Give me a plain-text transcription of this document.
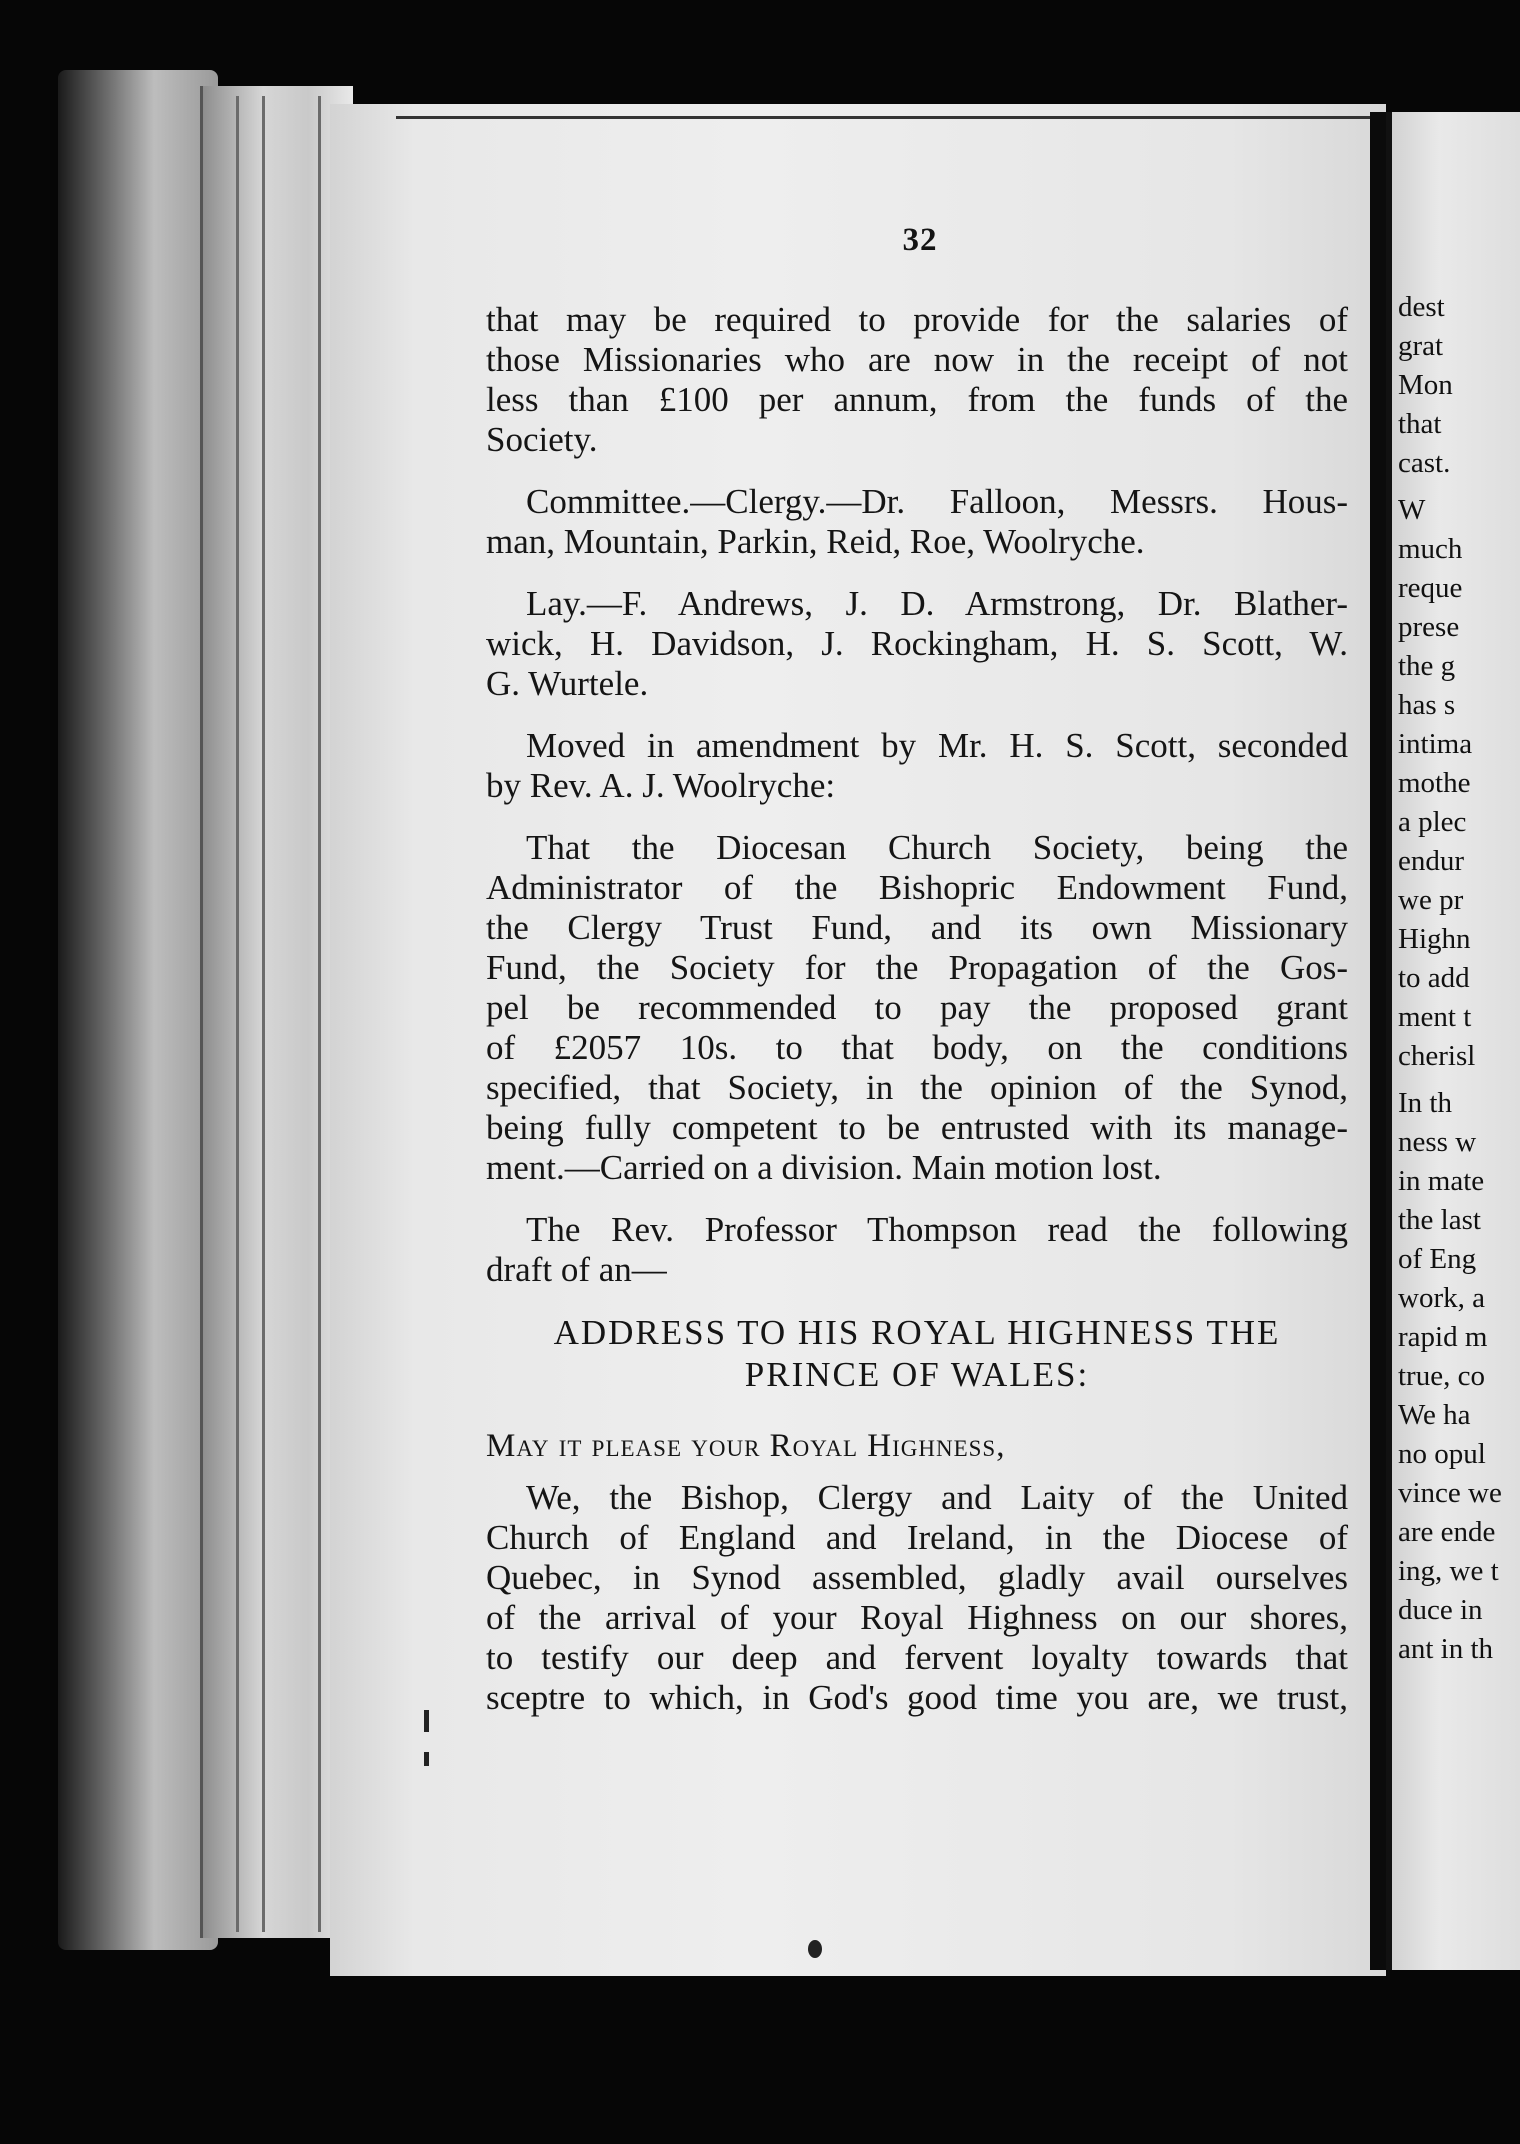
dest
grat
Mon
that
cast.
W
much
reque
prese
the g
has s
intima
mothe
a plec
endur
we pr
Highn
to add
ment t
cherisl
In th
ness w
in mate
the last
of Eng
work, a
rapid m
true, co
We ha
no opul
vince we
are ende
ing, we t
duce in
ant in th
32
that may be required to provide for the salaries of
those Missionaries who are now in the receipt of not
less than £100 per annum, from the funds of the
Society.
Committee.—Clergy.—Dr. Falloon, Messrs. Hous-
man, Mountain, Parkin, Reid, Roe, Woolryche.
Lay.—F. Andrews, J. D. Armstrong, Dr. Blather-
wick, H. Davidson, J. Rockingham, H. S. Scott, W.
G. Wurtele.
Moved in amendment by Mr. H. S. Scott, seconded
by Rev. A. J. Woolryche:
That the Diocesan Church Society, being the
Administrator of the Bishopric Endowment Fund,
the Clergy Trust Fund, and its own Missionary
Fund, the Society for the Propagation of the Gos-
pel be recommended to pay the proposed grant
of £2057 10s. to that body, on the conditions
specified, that Society, in the opinion of the Synod,
being fully competent to be entrusted with its manage-
ment.—Carried on a division. Main motion lost.
The Rev. Professor Thompson read the following
draft of an—
ADDRESS TO HIS ROYAL HIGHNESS THE
PRINCE OF WALES:
May it please your Royal Highness,
We, the Bishop, Clergy and Laity of the United
Church of England and Ireland, in the Diocese of
Quebec, in Synod assembled, gladly avail ourselves
of the arrival of your Royal Highness on our shores,
to testify our deep and fervent loyalty towards that
sceptre to which, in God's good time you are, we trust,
